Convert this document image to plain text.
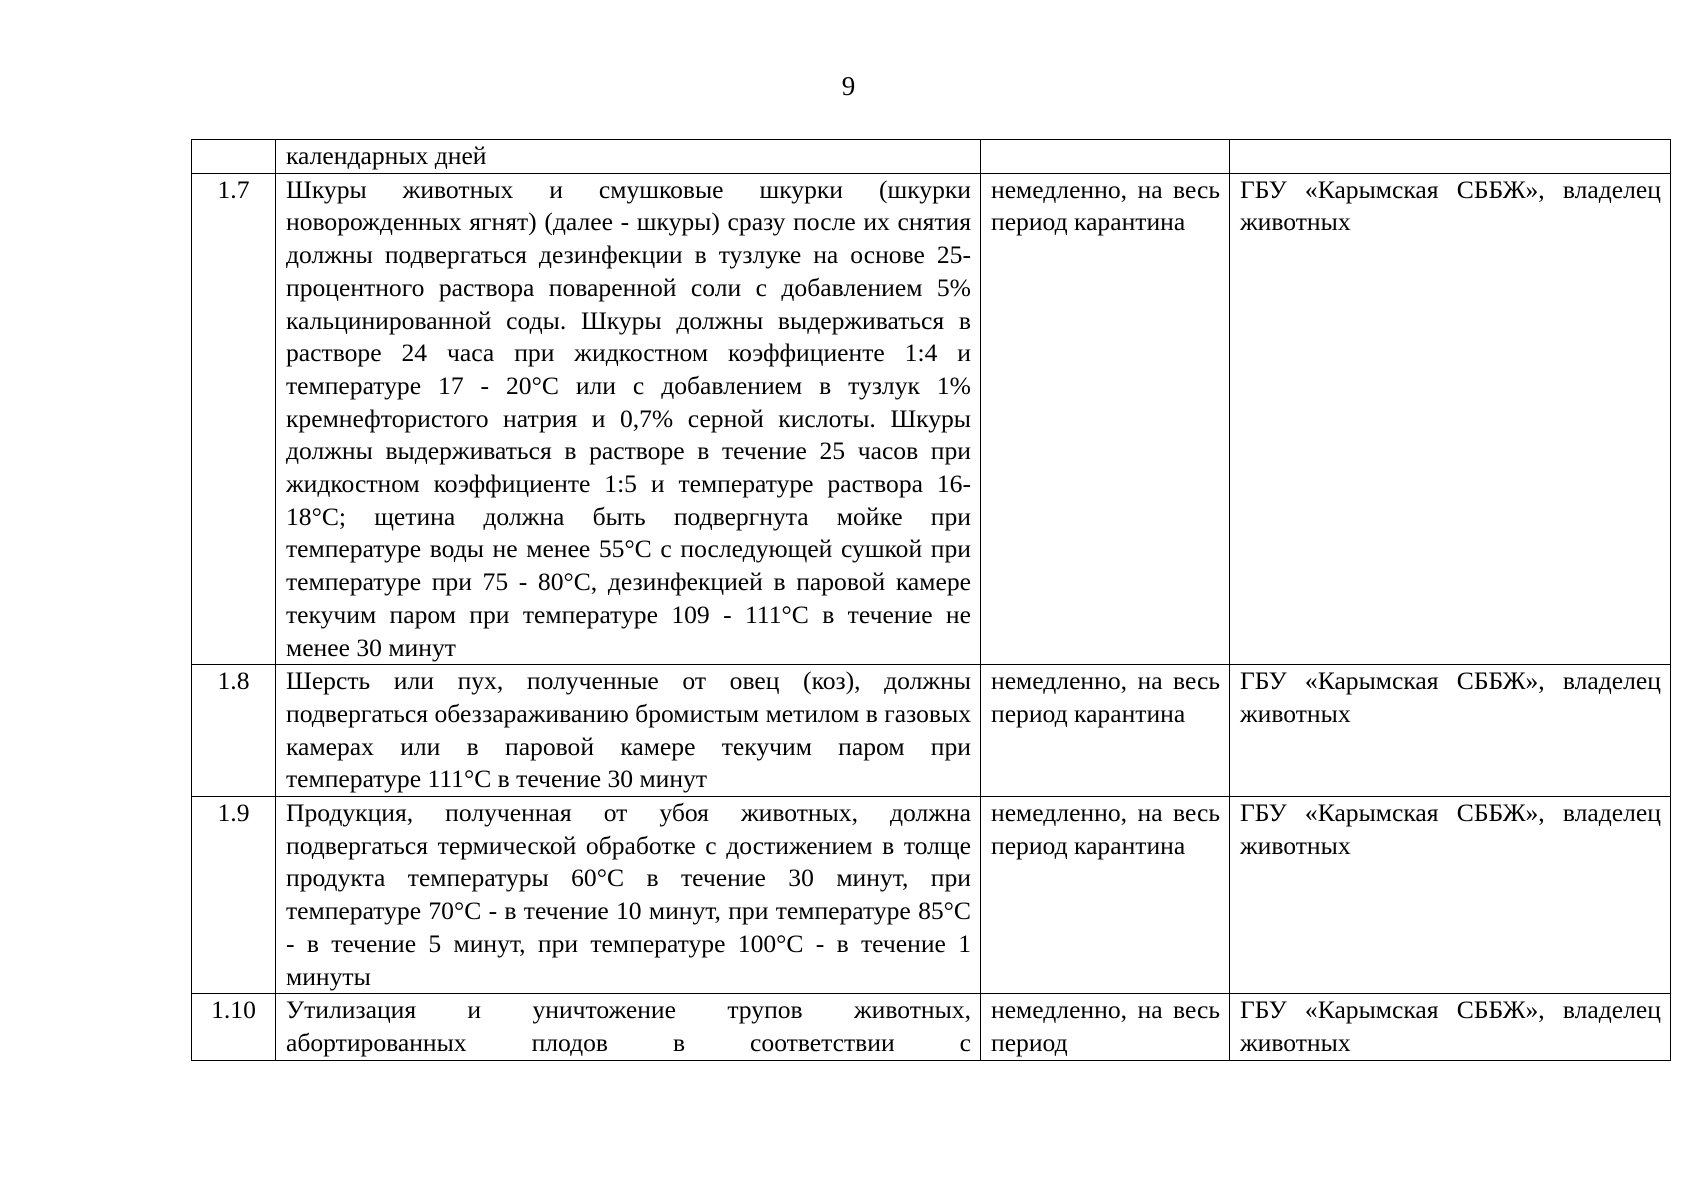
9
	календарных дней		
1.7	Шкуры животных и смушковые шкурки (шкурки новорожденных ягнят) (далее - шкуры) сразу после их снятия должны подвергаться дезинфекции в тузлуке на основе 25-процентного раствора поваренной соли с добавлением 5% кальцинированной соды. Шкуры должны выдерживаться в растворе 24 часа при жидкостном коэффициенте 1:4 и температуре 17 - 20°С или с добавлением в тузлук 1% кремнефтористого натрия и 0,7% серной кислоты. Шкуры должны выдерживаться в растворе в течение 25 часов при жидкостном коэффициенте 1:5 и температуре раствора 16-18°С; щетина должна быть подвергнута мойке при температуре воды не менее 55°С с последующей сушкой при температуре при 75 - 80°С, дезинфекцией в паровой камере текучим паром при температуре 109 - 111°С в течение не менее 30 минут	немедленно, на весь период карантина	ГБУ «Карымская СББЖ», владелец животных
1.8	Шерсть или пух, полученные от овец (коз), должны подвергаться обеззараживанию бромистым метилом в газовых камерах или в паровой камере текучим паром при температуре 111°С в течение 30 минут	немедленно, на весь период карантина	ГБУ «Карымская СББЖ», владелец животных
1.9	Продукция, полученная от убоя животных, должна подвергаться термической обработке с достижением в толще продукта температуры 60°С в течение 30 минут, при температуре 70°С - в течение 10 минут, при температуре 85°С - в течение 5 минут, при температуре 100°С - в течение 1 минуты	немедленно, на весь период карантина	ГБУ «Карымская СББЖ», владелец животных
1.10	Утилизация и уничтожение трупов животных, абортированных плодов в соответствии с	немедленно, на весь период	ГБУ «Карымская СББЖ», владелец животных
